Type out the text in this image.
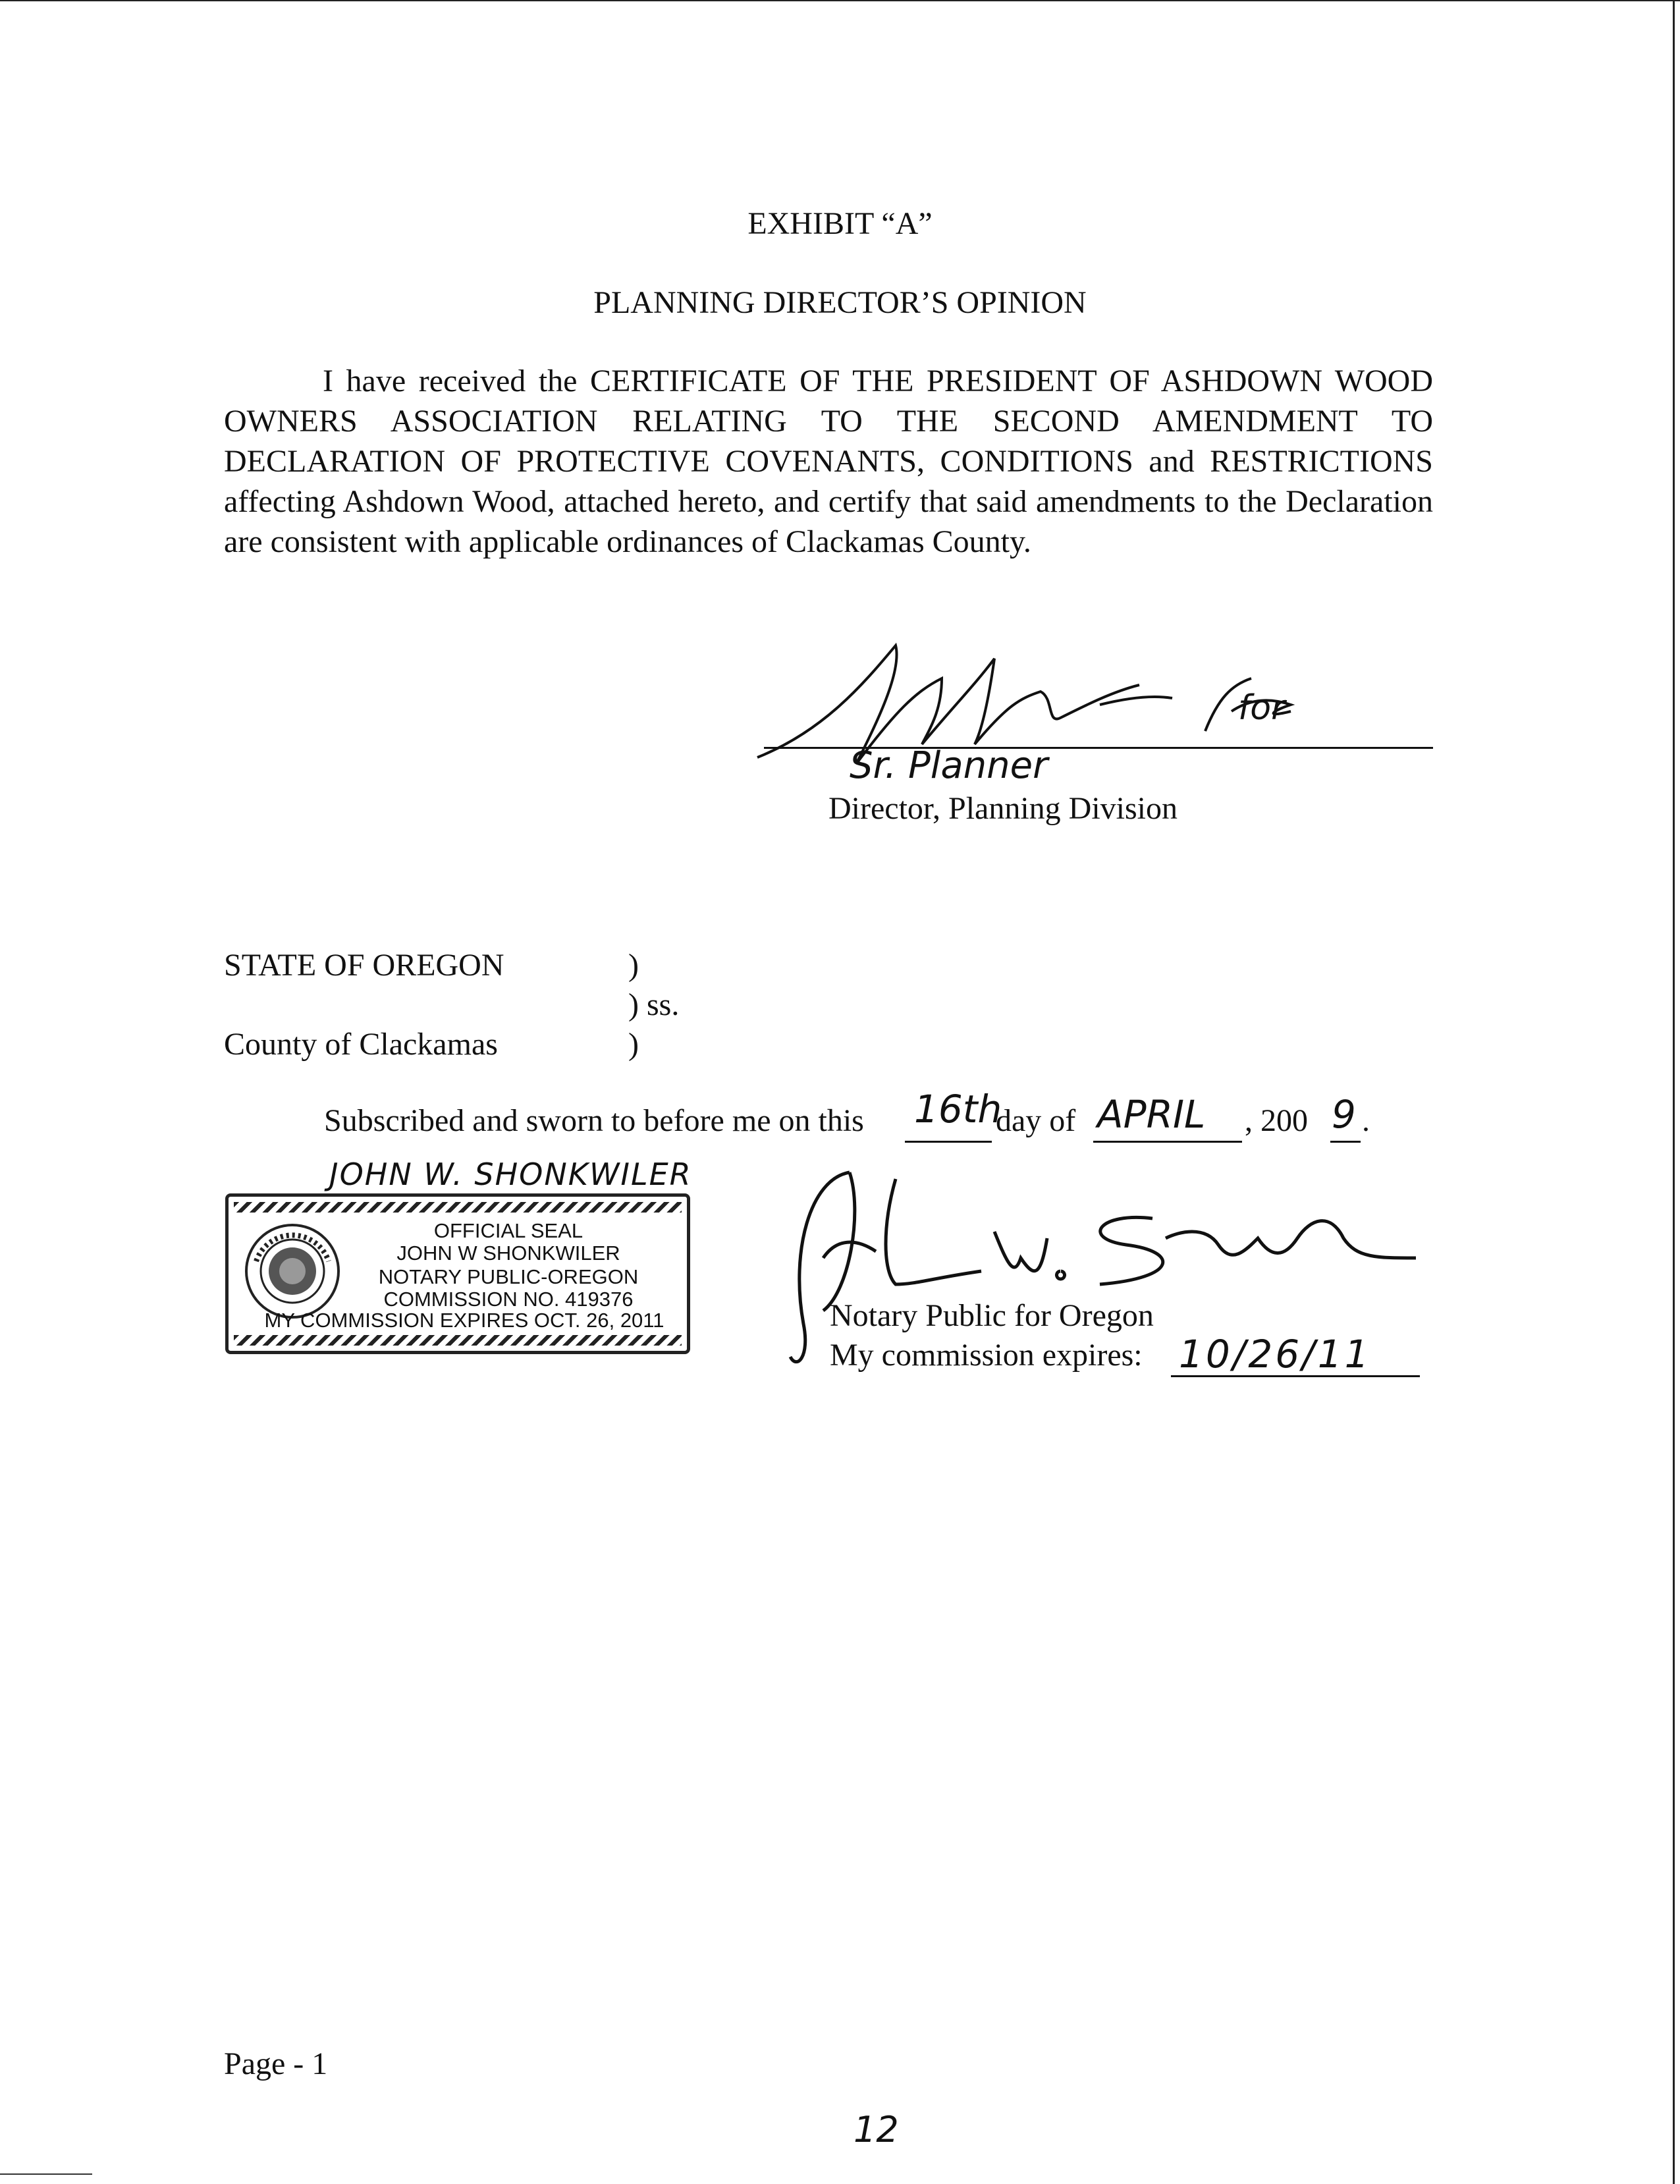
EXHIBIT “A”
PLANNING DIRECTOR’S OPINION
I have received the CERTIFICATE OF THE PRESIDENT OF ASHDOWN WOOD OWNERS ASSOCIATION RELATING TO THE SECOND AMENDMENT TO DECLARATION OF PROTECTIVE COVENANTS, CONDITIONS and RESTRICTIONS affecting Ashdown Wood, attached hereto, and certify that said amendments to the Declaration are consistent with applicable ordinances of Clackamas County.
Sr. Planner
for
Director, Planning Division
STATE OF OREGON	)
) ss.
County of Clackamas	)
Subscribed and sworn to before me on this 16th
day of APRIL , 200 9 .
JOHN W. SHONKWILER
OFFICIAL SEAL
JOHN W SHONKWILER
NOTARY PUBLIC-OREGON
COMMISSION NO. 419376
MY COMMISSION EXPIRES OCT. 26, 2011	Notary Public for Oregon
My commission expires: 10/26/11
Page - 1
12
